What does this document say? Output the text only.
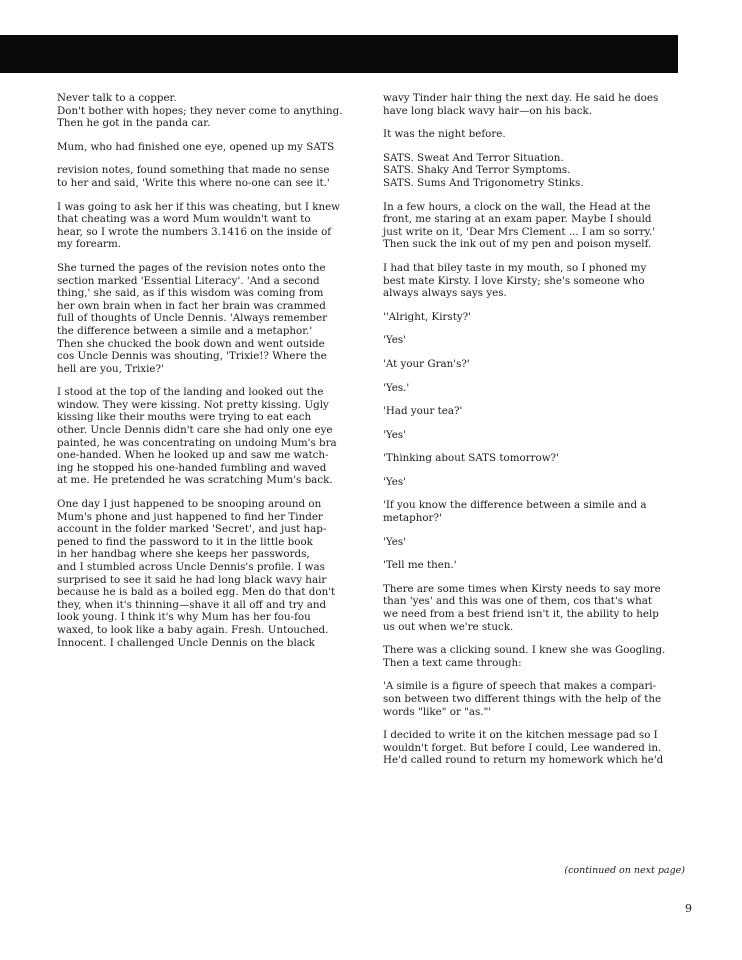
Never talk to a copper.
Don't bother with hopes; they never come to anything.
Then he got in the panda car.

Mum, who had finished one eye, opened up my SATS

revision notes, found something that made no sense
to her and said, 'Write this where no-one can see it.'

I was going to ask her if this was cheating, but I knew
that cheating was a word Mum wouldn't want to
hear, so I wrote the numbers 3.1416 on the inside of
my forearm.

She turned the pages of the revision notes onto the
section marked 'Essential Literacy'. 'And a second
thing,' she said, as if this wisdom was coming from
her own brain when in fact her brain was crammed
full of thoughts of Uncle Dennis. 'Always remember
the difference between a simile and a metaphor.'
Then she chucked the book down and went outside
cos Uncle Dennis was shouting, 'Trixie!? Where the
hell are you, Trixie?'

I stood at the top of the landing and looked out the
window. They were kissing. Not pretty kissing. Ugly
kissing like their mouths were trying to eat each
other. Uncle Dennis didn't care she had only one eye
painted, he was concentrating on undoing Mum's bra
one-handed. When he looked up and saw me watch-
ing he stopped his one-handed fumbling and waved
at me. He pretended he was scratching Mum's back.

One day I just happened to be snooping around on
Mum's phone and just happened to find her Tinder
account in the folder marked 'Secret', and just hap-
pened to find the password to it in the little book
in her handbag where she keeps her passwords,
and I stumbled across Uncle Dennis's profile. I was
surprised to see it said he had long black wavy hair
because he is bald as a boiled egg. Men do that don't
they, when it's thinning—shave it all off and try and
look young. I think it's why Mum has her fou-fou
waxed, to look like a baby again. Fresh. Untouched.
Innocent. I challenged Uncle Dennis on the black

wavy Tinder hair thing the next day. He said he does
have long black wavy hair—on his back.

It was the night before.

SATS. Sweat And Terror Situation.
SATS. Shaky And Terror Symptoms.
SATS. Sums And Trigonometry Stinks.

In a few hours, a clock on the wall, the Head at the
front, me staring at an exam paper. Maybe I should
just write on it, 'Dear Mrs Clement ... I am so sorry.'
Then suck the ink out of my pen and poison myself.

I had that biley taste in my mouth, so I phoned my
best mate Kirsty. I love Kirsty; she's someone who
always always says yes.

''Alright, Kirsty?'

'Yes'

'At your Gran's?'

'Yes.'

'Had your tea?'

'Yes'

'Thinking about SATS tomorrow?'

'Yes'

'If you know the difference between a simile and a
metaphor?'

'Yes'

'Tell me then.'

There are some times when Kirsty needs to say more
than 'yes' and this was one of them, cos that's what
we need from a best friend isn't it, the ability to help
us out when we're stuck.

There was a clicking sound. I knew she was Googling.
Then a text came through:

'A simile is a figure of speech that makes a compari-
son between two different things with the help of the
words "like" or "as."'

I decided to write it on the kitchen message pad so I
wouldn't forget. But before I could, Lee wandered in.
He'd called round to return my homework which he'd

(continued on next page)
9
